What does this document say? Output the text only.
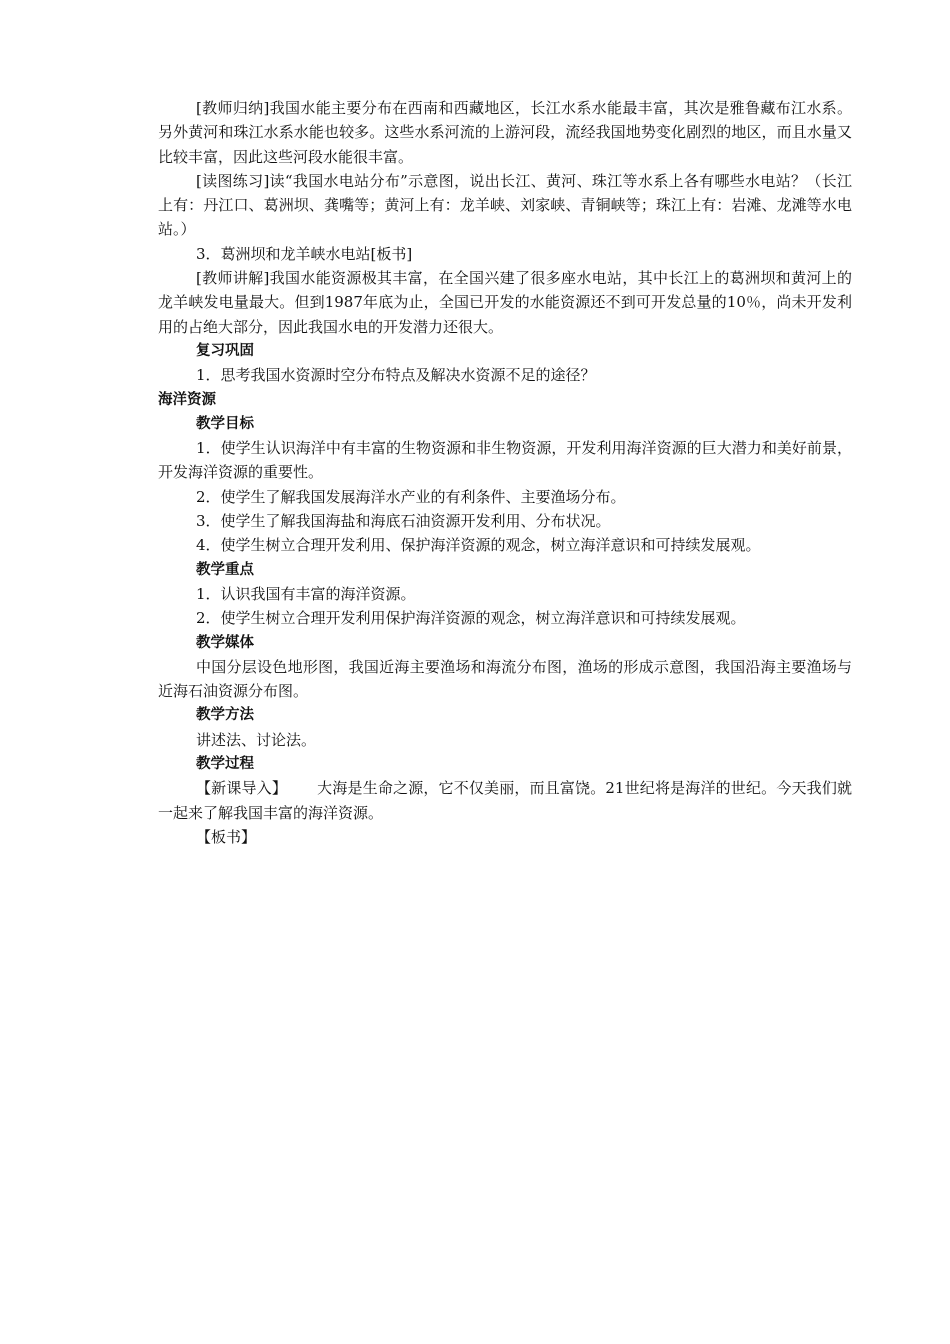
[教师归纳]我国水能主要分布在西南和西藏地区，长江水系水能最丰富，其次是雅鲁藏布江水系。另外黄河和珠江水系水能也较多。这些水系河流的上游河段，流经我国地势变化剧烈的地区，而且水量又比较丰富，因此这些河段水能很丰富。

[读图练习]读“我国水电站分布”示意图，说出长江、黄河、珠江等水系上各有哪些水电站？（长江上有：丹江口、葛洲坝、龚嘴等；黄河上有：龙羊峡、刘家峡、青铜峡等；珠江上有：岩滩、龙滩等水电站。）

3．葛洲坝和龙羊峡水电站[板书]

[教师讲解]我国水能资源极其丰富，在全国兴建了很多座水电站，其中长江上的葛洲坝和黄河上的龙羊峡发电量最大。但到1987年底为止，全国已开发的水能资源还不到可开发总量的10％，尚未开发利用的占绝大部分，因此我国水电的开发潜力还很大。

复习巩固

1．思考我国水资源时空分布特点及解决水资源不足的途径？

海洋资源

教学目标

1．使学生认识海洋中有丰富的生物资源和非生物资源，开发利用海洋资源的巨大潜力和美好前景，开发海洋资源的重要性。

2．使学生了解我国发展海洋水产业的有利条件、主要渔场分布。

3．使学生了解我国海盐和海底石油资源开发利用、分布状况。

4．使学生树立合理开发利用、保护海洋资源的观念，树立海洋意识和可持续发展观。

教学重点

1．认识我国有丰富的海洋资源。

2．使学生树立合理开发利用保护海洋资源的观念，树立海洋意识和可持续发展观。

教学媒体

中国分层设色地形图，我国近海主要渔场和海流分布图，渔场的形成示意图，我国沿海主要渔场与近海石油资源分布图。

教学方法

讲述法、讨论法。

教学过程

【新课导入】 大海是生命之源，它不仅美丽，而且富饶。21世纪将是海洋的世纪。今天我们就一起来了解我国丰富的海洋资源。

【板书】
